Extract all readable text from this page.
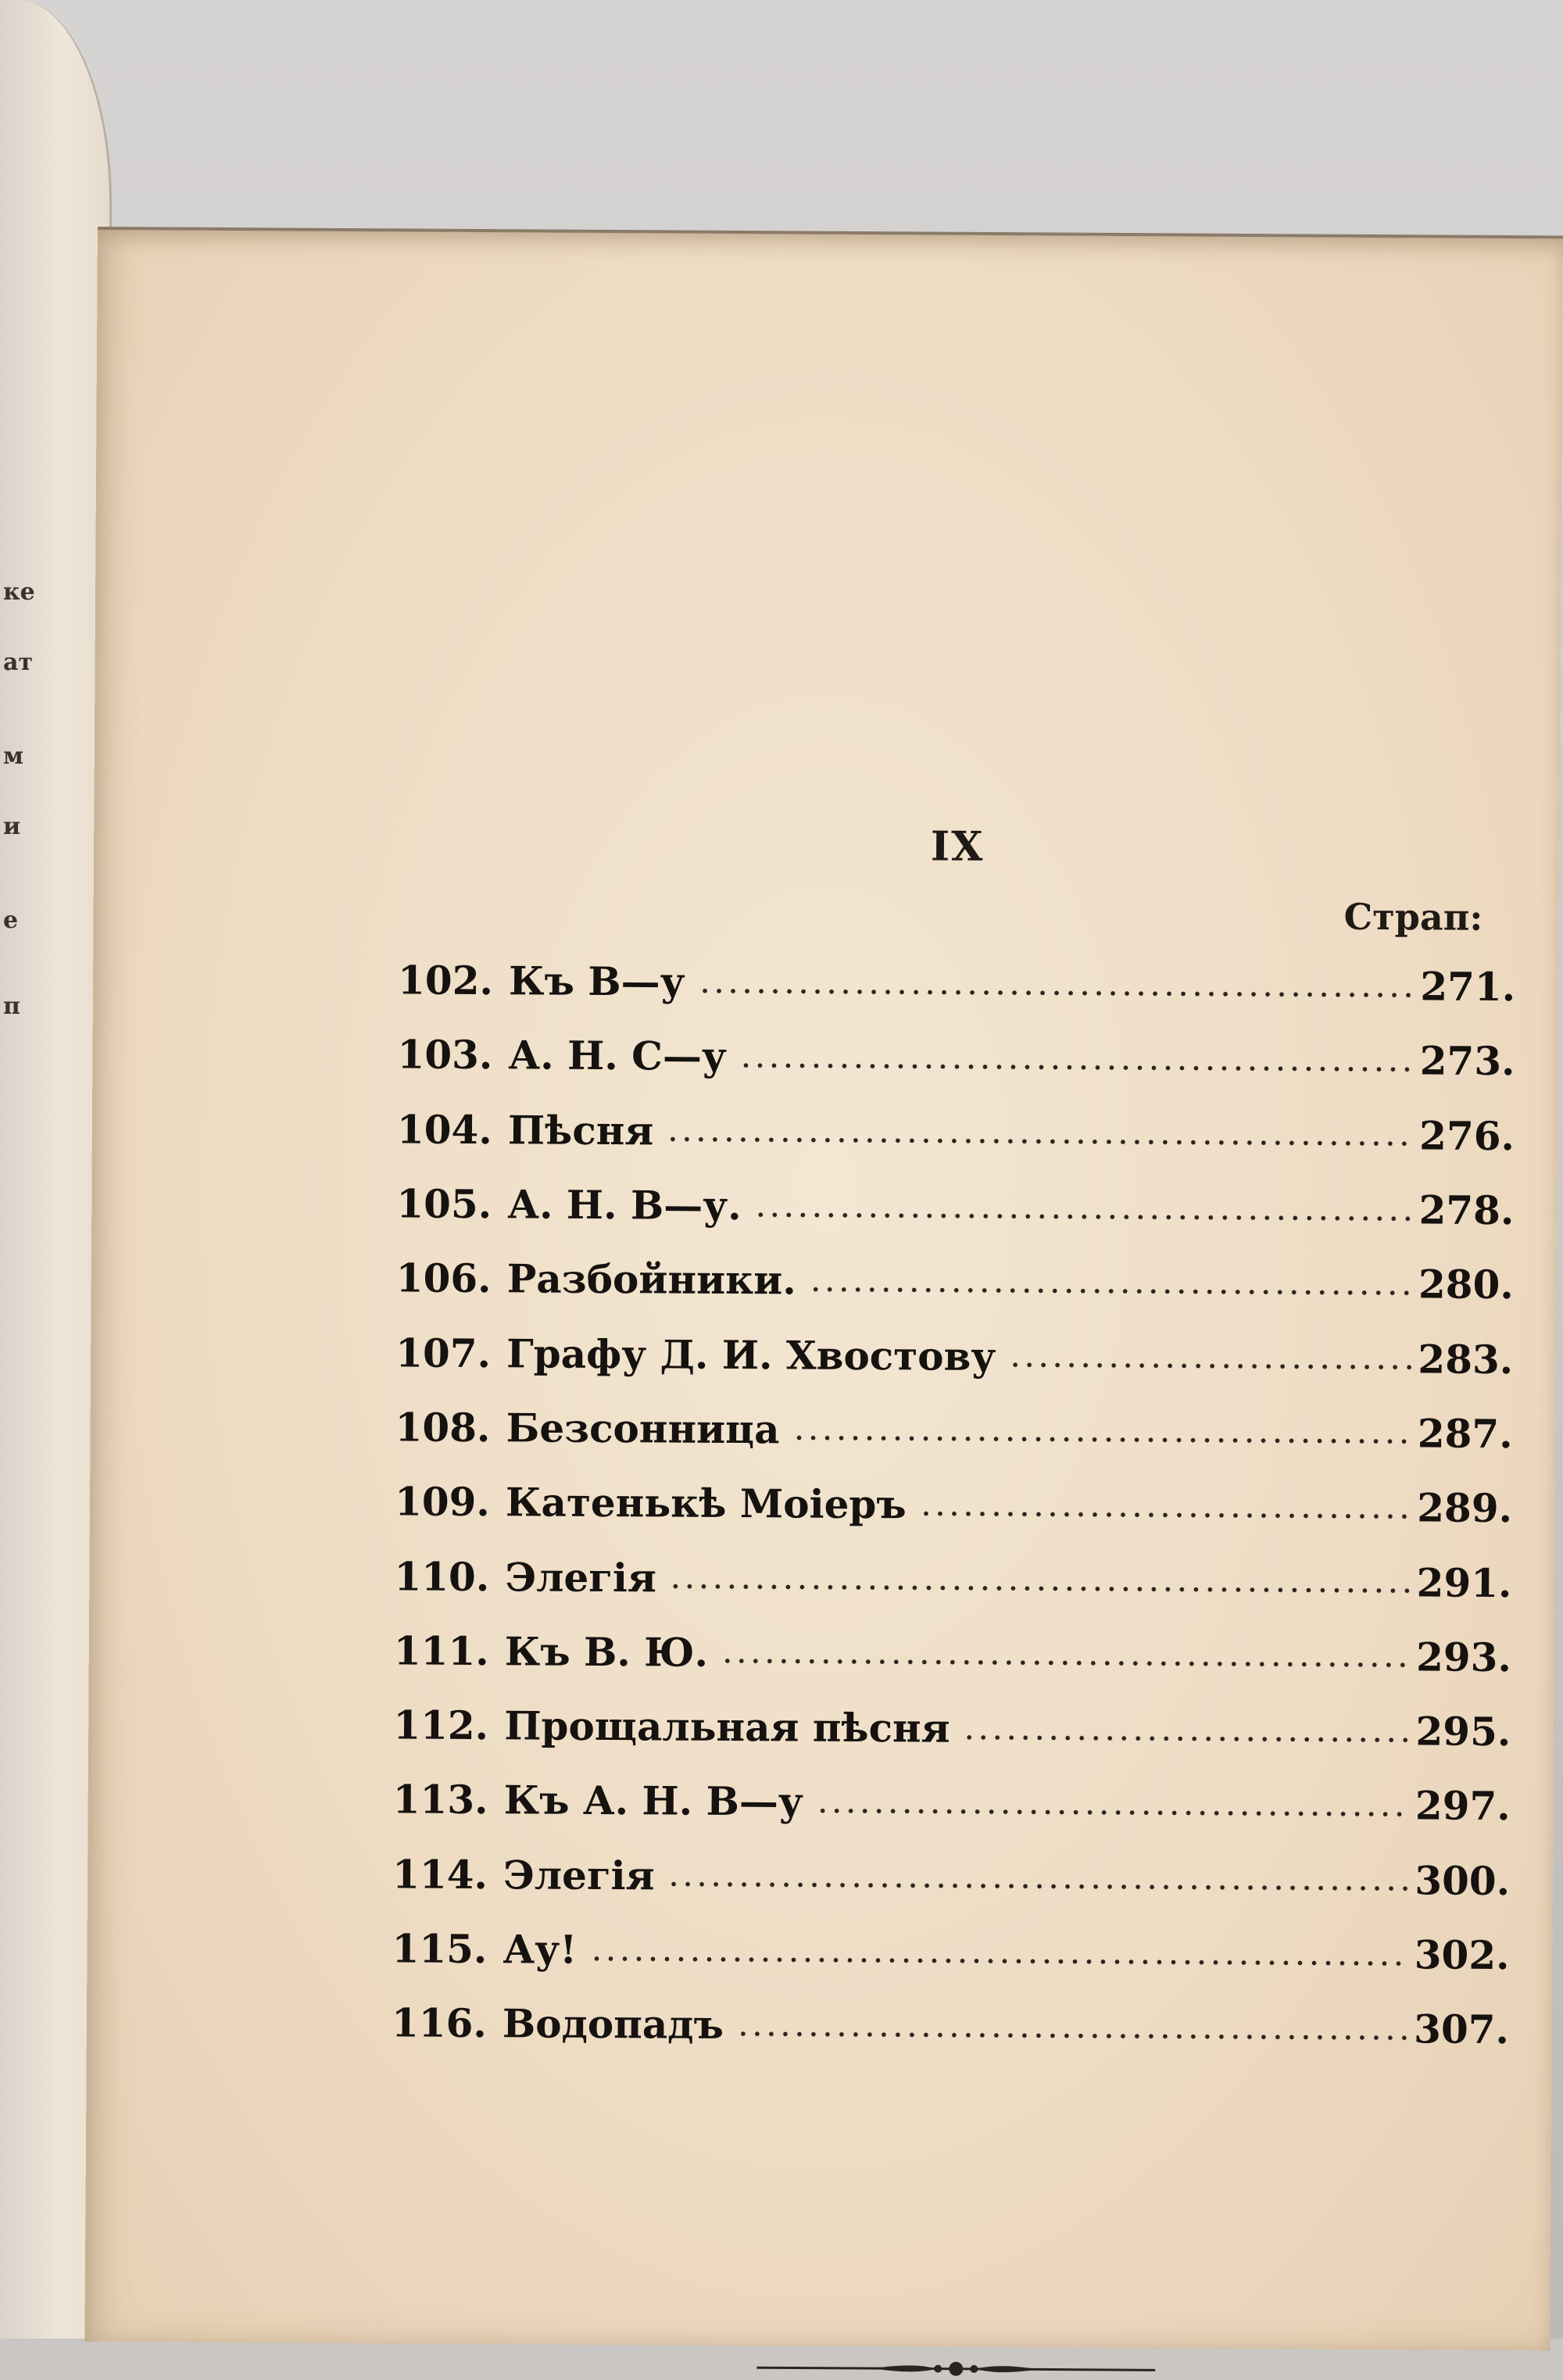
ке
ат
м
и
е
п
IX
Страп:
102. Къ В—у	271.
103. А. Н. С—у	273.
104. Пѣсня	276.
105. А. Н. В—у.	278.
106. Разбойники.	280.
107. Графу Д. И. Хвостову	283.
108. Безсонница	287.
109. Катенькѣ Моіеръ	289.
110. Элегія	291.
111. Къ В. Ю.	293.
112. Прощальная пѣсня	295.
113. Къ А. Н. В—у	297.
114. Элегія	300.
115. Ау!	302.
116. Водопадъ	307.
